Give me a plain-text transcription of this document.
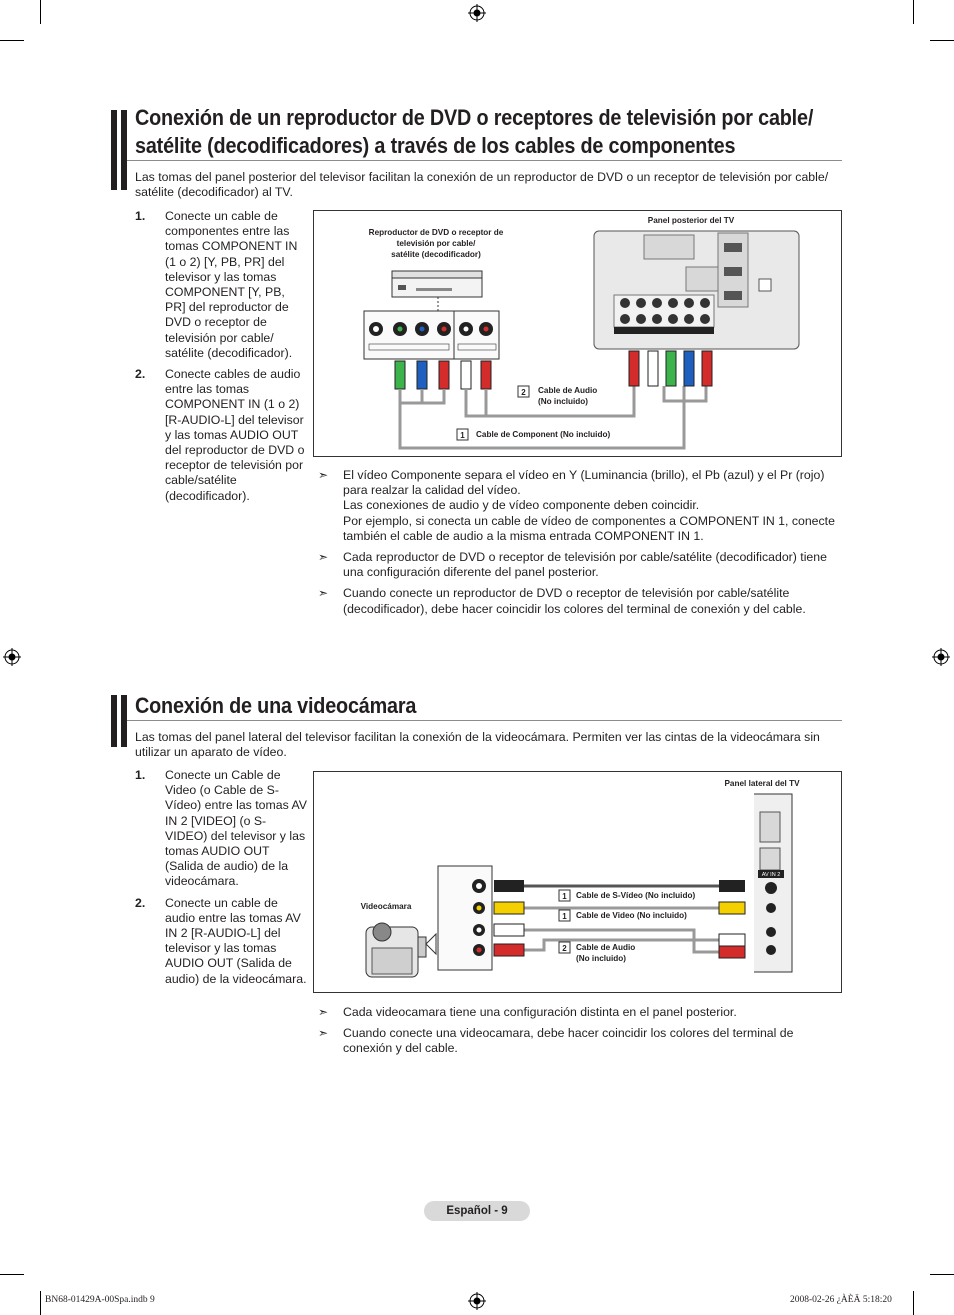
Conexión de un reproductor de DVD o receptores de televisión por cable/
satélite (decodificadores) a través de los cables de componentes
Las tomas del panel posterior del televisor facilitan la conexión de un reproductor de DVD o un receptor de televisión por cable/ satélite (decodificador) al TV.
1. Conecte un cable de componentes entre las tomas COMPONENT IN (1 o 2) [Y, PB, PR] del televisor y las tomas COMPONENT [Y, PB, PR] del reproductor de DVD o receptor de televisión por cable/ satélite (decodificador).
2. Conecte cables de audio entre las tomas COMPONENT IN (1 o 2) [R-AUDIO-L] del televisor y las tomas AUDIO OUT del reproductor de DVD o receptor de televisión por cable/satélite (decodificador).
Reproductor de DVD o receptor de
televisión por cable/
satélite (decodificador)
Panel posterior del TV
2 Cable de Audio
(No incluido)
1 Cable de Component (No incluido)
➣ El vídeo Componente separa el vídeo en Y (Luminancia (brillo), el Pb (azul) y el Pr (rojo) para realzar la calidad del vídeo.

Las conexiones de audio y de vídeo componente deben coincidir.

Por ejemplo, si conecta un cable de vídeo de componentes a COMPONENT IN 1, conecte también el cable de audio a la misma entrada COMPONENT IN 1.

➣ Cada reproductor de DVD o receptor de televisión por cable/satélite (decodificador) tiene una configuración diferente del panel posterior.

➣ Cuando conecte un reproductor de DVD o receptor de televisión por cable/satélite (decodificador), debe hacer coincidir los colores del terminal de conexión y del cable.

Conexión de una videocámara
Las tomas del panel lateral del televisor facilitan la conexión de la videocámara. Permiten ver las cintas de la videocámara sin utilizar un aparato de vídeo.
1. Conecte un Cable de Video (o Cable de S-Vídeo) entre las tomas AV IN 2 [VIDEO] (o S-VIDEO) del televisor y las tomas AUDIO OUT (Salida de audio) de la videocámara.
2. Conecte un cable de audio entre las tomas AV IN 2 [R-AUDIO-L] del televisor y las tomas AUDIO OUT (Salida de audio) de la videocámara.
Panel lateral del TV
Videocámara
AV IN 2
1 Cable de S-Vídeo (No incluido)
1 Cable de Video (No incluido)
2 Cable de Audio
(No incluido)
➣ Cada videocamara tiene una configuración distinta en el panel posterior.

➣ Cuando conecte una videocamara, debe hacer coincidir los colores del terminal de conexión y del cable.

Español - 9
BN68-01429A-00Spa.indb 9	2008-02-26 ¿ÀÈÄ 5:18:20
